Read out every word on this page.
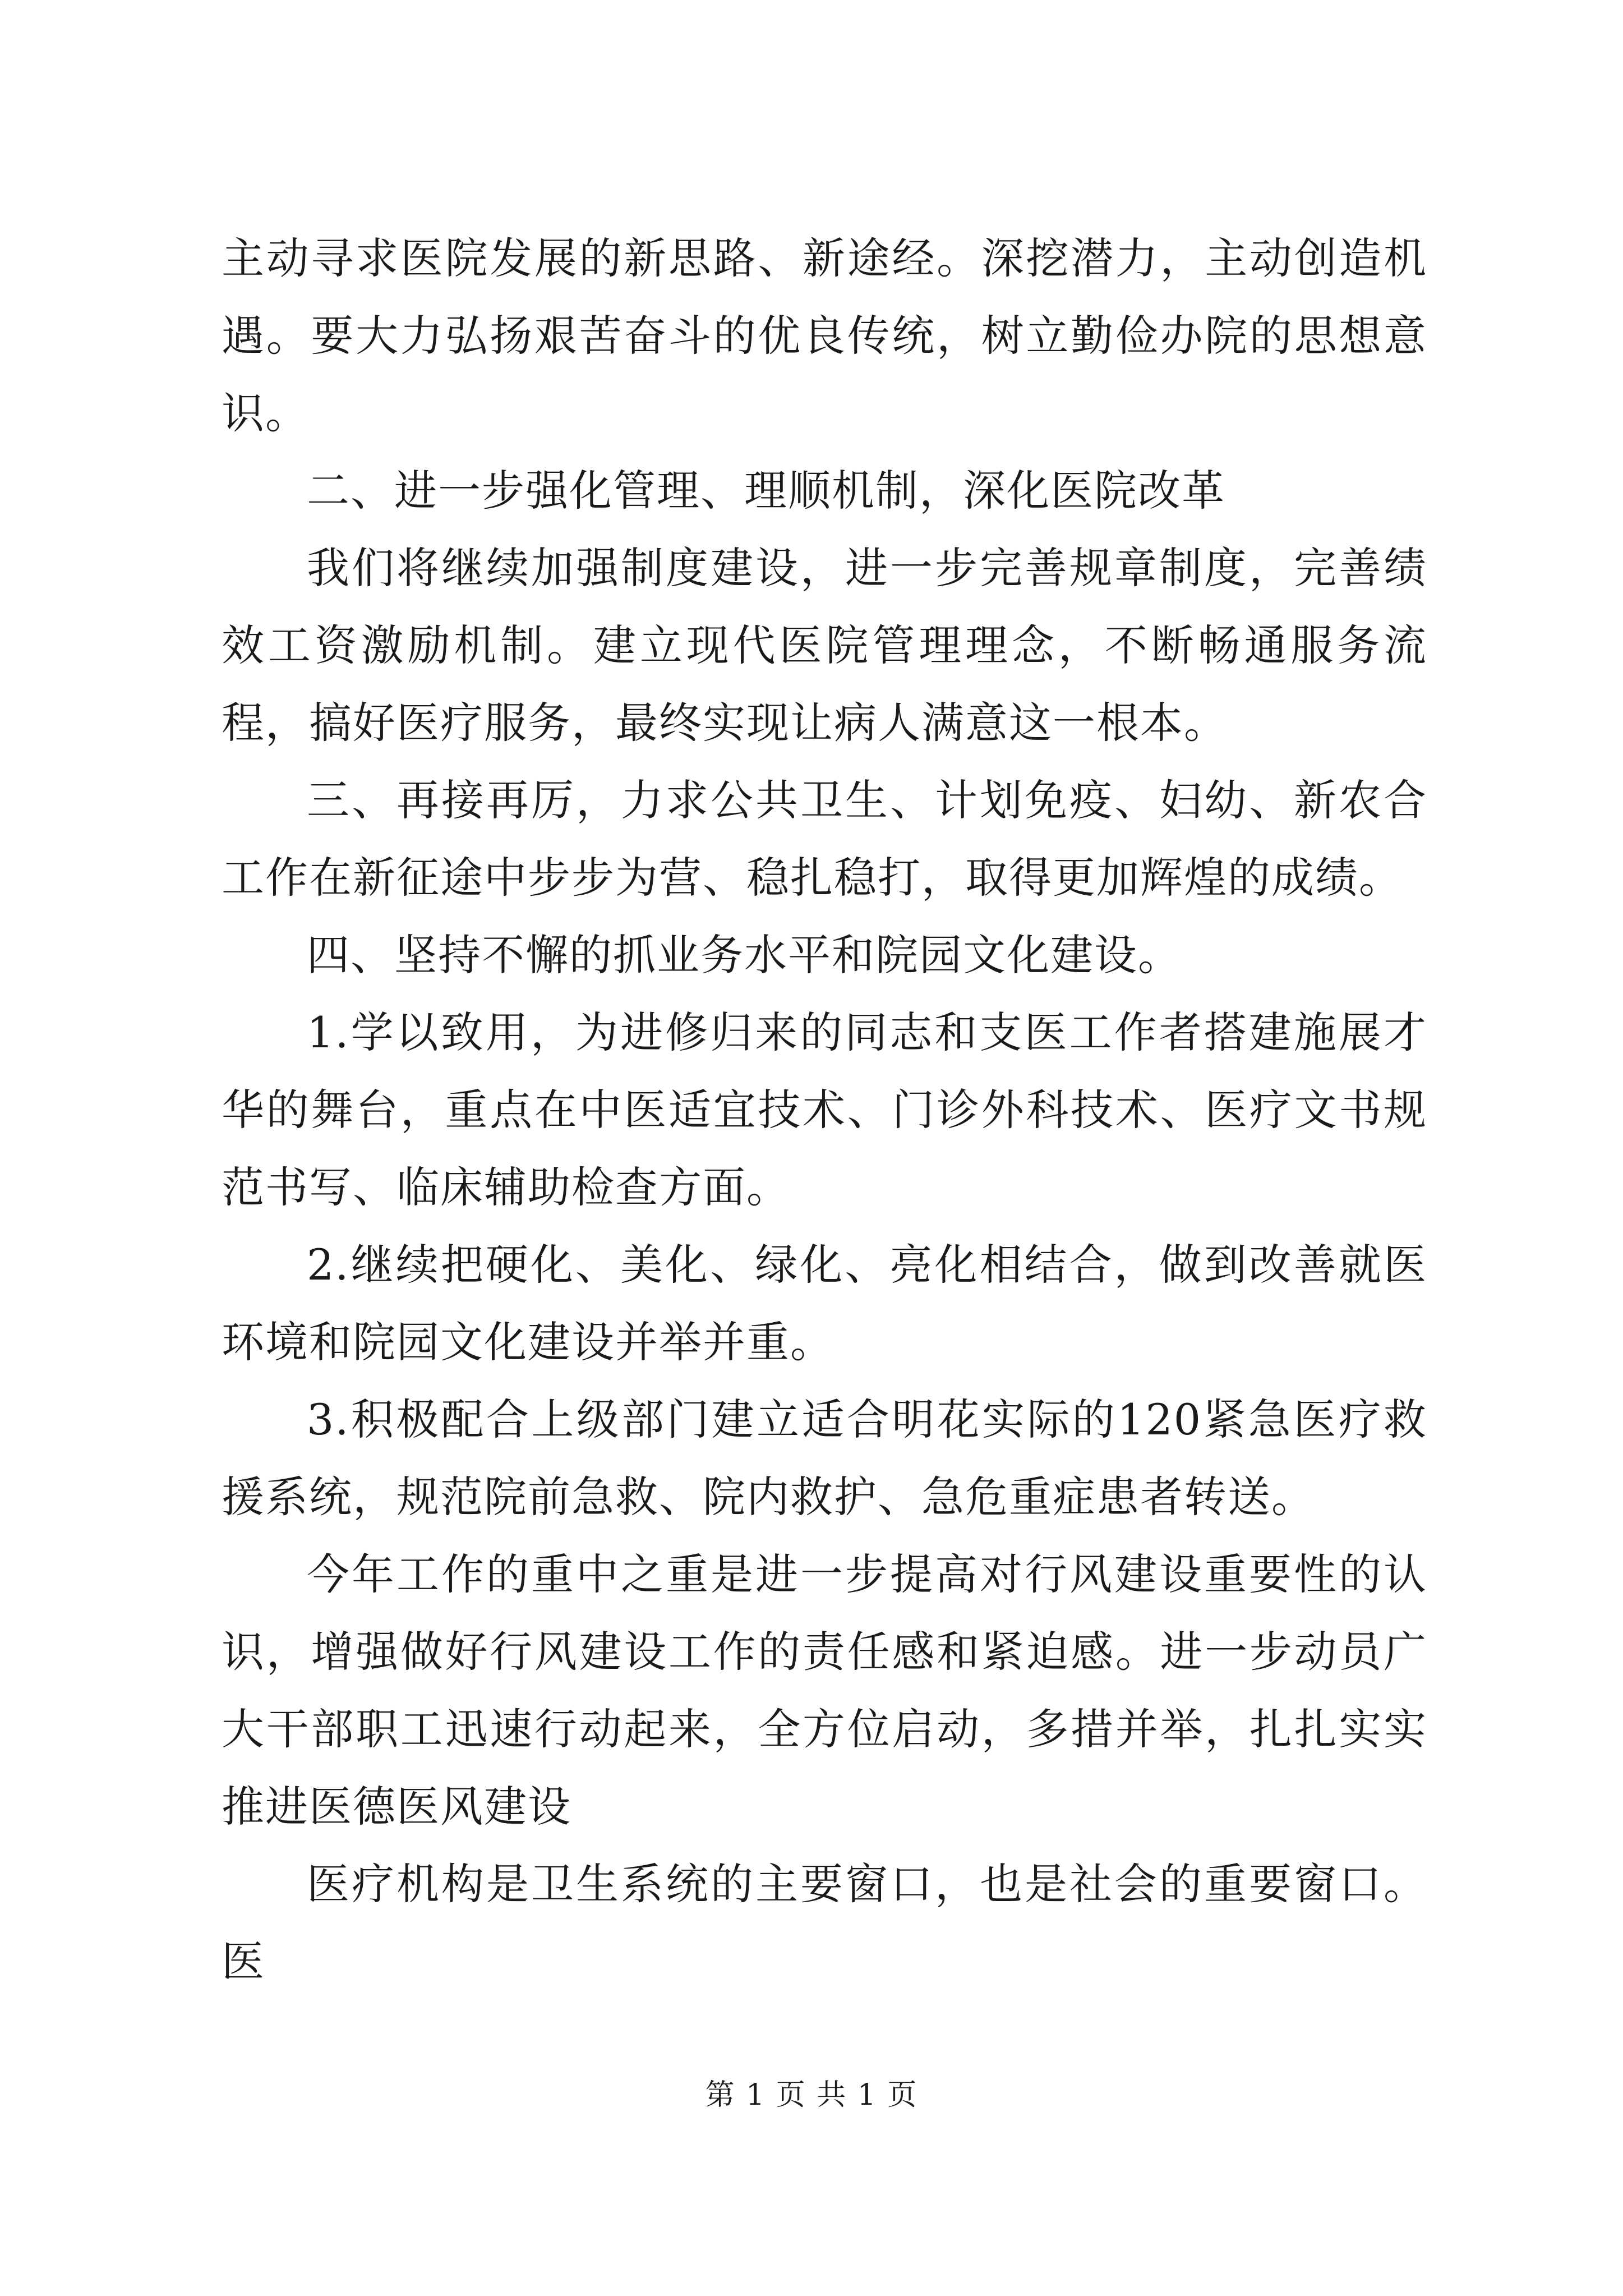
主动寻求医院发展的新思路、新途经。深挖潜力，主动创造机遇。要大力弘扬艰苦奋斗的优良传统，树立勤俭办院的思想意识。

二、进一步强化管理、理顺机制，深化医院改革

我们将继续加强制度建设，进一步完善规章制度，完善绩效工资激励机制。建立现代医院管理理念，不断畅通服务流程，搞好医疗服务，最终实现让病人满意这一根本。

三、再接再厉，力求公共卫生、计划免疫、妇幼、新农合工作在新征途中步步为营、稳扎稳打，取得更加辉煌的成绩。

四、坚持不懈的抓业务水平和院园文化建设。

1.学以致用，为进修归来的同志和支医工作者搭建施展才华的舞台，重点在中医适宜技术、门诊外科技术、医疗文书规范书写、临床辅助检查方面。

2.继续把硬化、美化、绿化、亮化相结合，做到改善就医环境和院园文化建设并举并重。

3.积极配合上级部门建立适合明花实际的120紧急医疗救援系统，规范院前急救、院内救护、急危重症患者转送。

今年工作的重中之重是进一步提高对行风建设重要性的认识，增强做好行风建设工作的责任感和紧迫感。进一步动员广大干部职工迅速行动起来，全方位启动，多措并举，扎扎实实推进医德医风建设

医疗机构是卫生系统的主要窗口，也是社会的重要窗口。医

第 1 页 共 1 页
